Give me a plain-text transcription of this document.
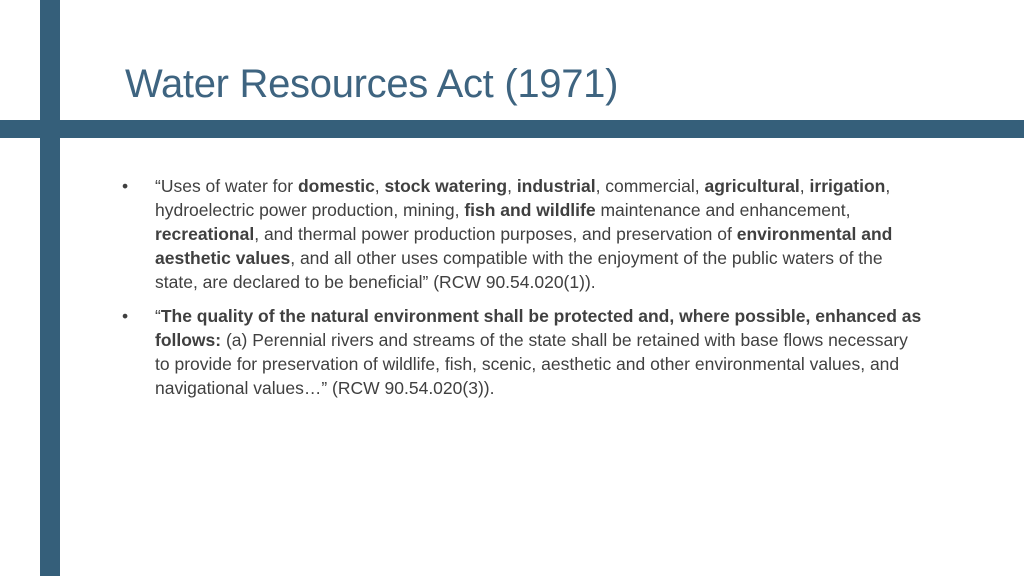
Water Resources Act (1971)
• “Uses of water for domestic, stock watering, industrial, commercial, agricultural, irrigation, hydroelectric power production, mining, fish and wildlife maintenance and enhancement, recreational, and thermal power production purposes, and preservation of environmental and aesthetic values, and all other uses compatible with the enjoyment of the public waters of the state, are declared to be beneficial” (RCW 90.54.020(1)).
• “The quality of the natural environment shall be protected and, where possible, enhanced as follows: (a) Perennial rivers and streams of the state shall be retained with base flows necessary to provide for preservation of wildlife, fish, scenic, aesthetic and other environmental values, and navigational values…” (RCW 90.54.020(3)).
